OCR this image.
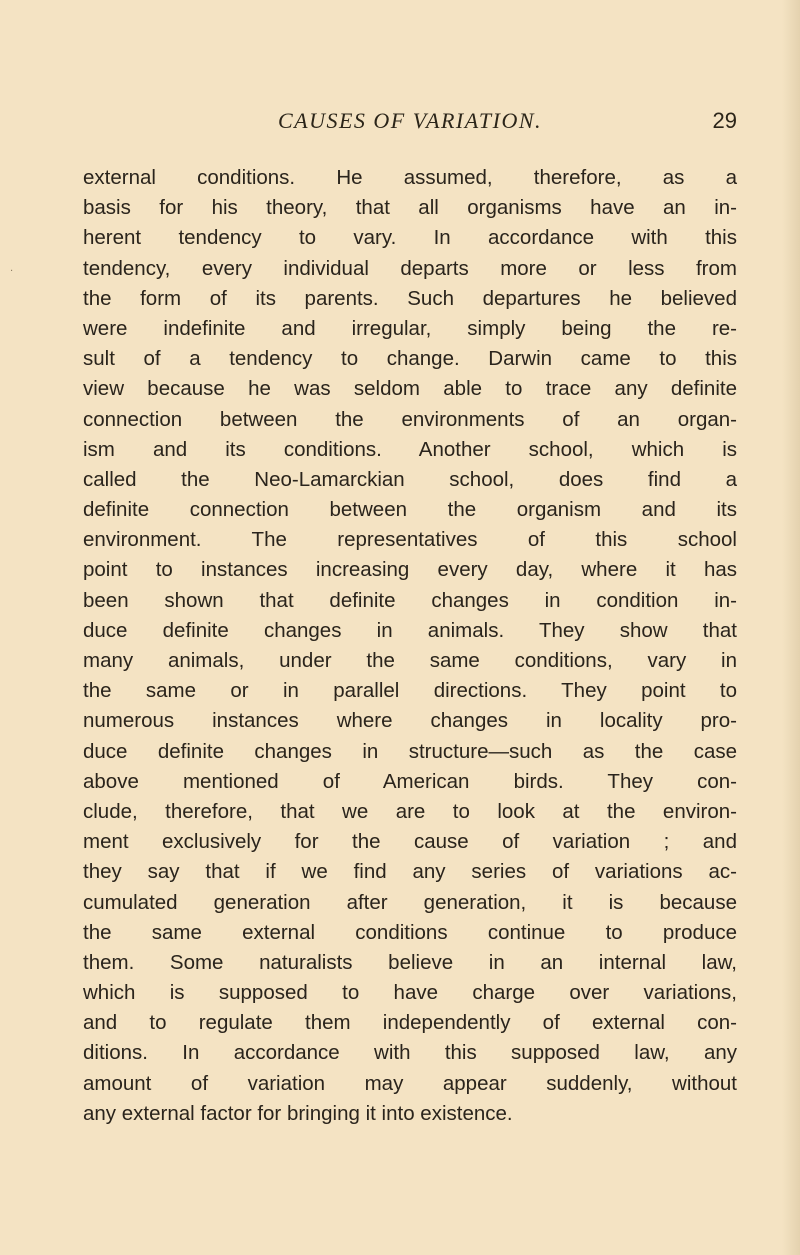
·
CAUSES OF VARIATION.	29
external conditions. He assumed, therefore, as a
basis for his theory, that all organisms have an in-
herent tendency to vary. In accordance with this
tendency, every individual departs more or less from
the form of its parents. Such departures he believed
were indefinite and irregular, simply being the re-
sult of a tendency to change. Darwin came to this
view because he was seldom able to trace any definite
connection between the environments of an organ-
ism and its conditions. Another school, which is
called the Neo-Lamarckian school, does find a
definite connection between the organism and its
environment. The representatives of this school
point to instances increasing every day, where it has
been shown that definite changes in condition in-
duce definite changes in animals. They show that
many animals, under the same conditions, vary in
the same or in parallel directions. They point to
numerous instances where changes in locality pro-
duce definite changes in structure—such as the case
above mentioned of American birds. They con-
clude, therefore, that we are to look at the environ-
ment exclusively for the cause of variation ; and
they say that if we find any series of variations ac-
cumulated generation after generation, it is because
the same external conditions continue to produce
them. Some naturalists believe in an internal law,
which is supposed to have charge over variations,
and to regulate them independently of external con-
ditions. In accordance with this supposed law, any
amount of variation may appear suddenly, without
any external factor for bringing it into existence.
